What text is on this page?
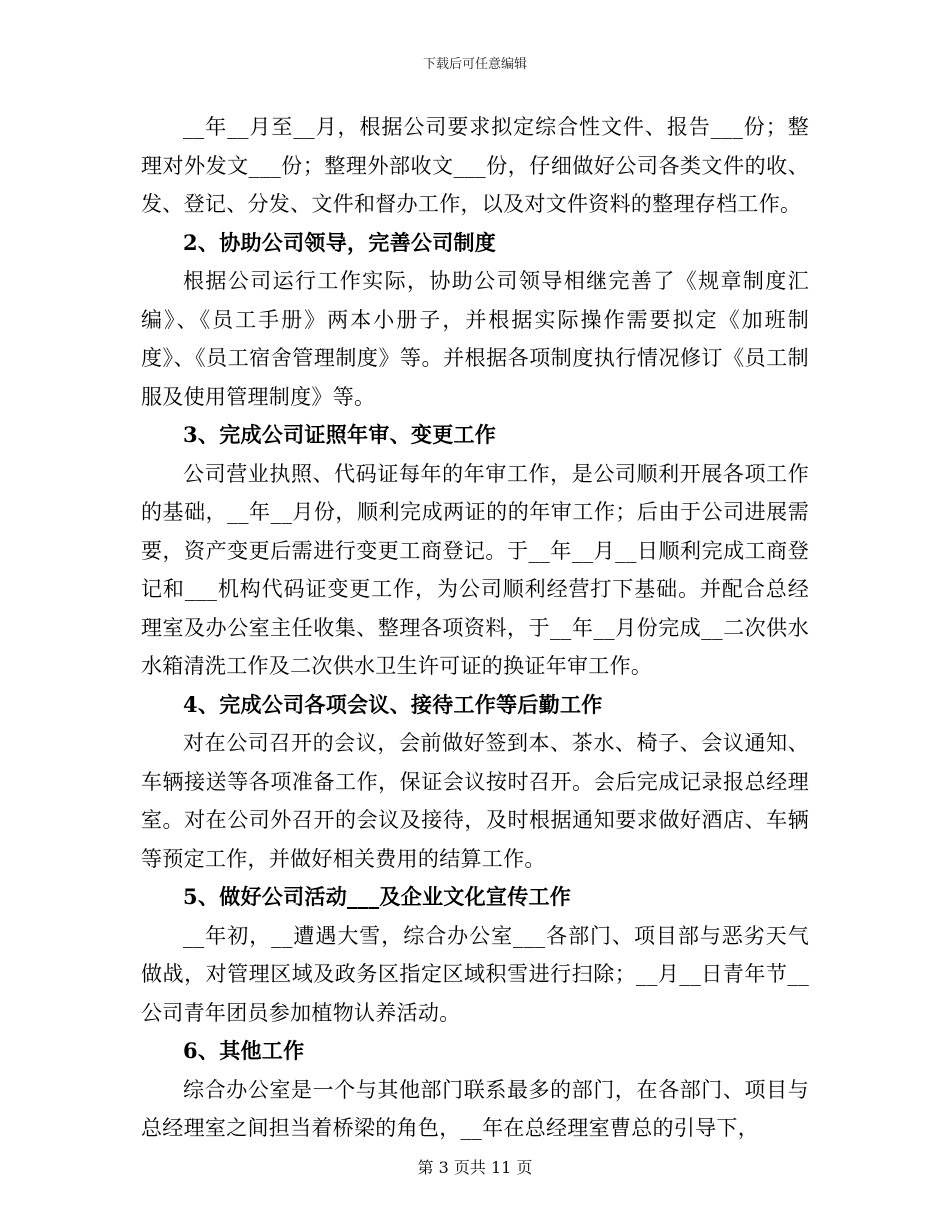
下载后可任意编辑

__年__月至__月，根据公司要求拟定综合性文件、报告___份；整理对外发文___份；整理外部收文___份，仔细做好公司各类文件的收、发、登记、分发、文件和督办工作，以及对文件资料的整理存档工作。

2、协助公司领导，完善公司制度

根据公司运行工作实际，协助公司领导相继完善了《规章制度汇编》、《员工手册》两本小册子，并根据实际操作需要拟定《加班制度》、《员工宿舍管理制度》等。并根据各项制度执行情况修订《员工制服及使用管理制度》等。

3、完成公司证照年审、变更工作

公司营业执照、代码证每年的年审工作，是公司顺利开展各项工作的基础，__年__月份，顺利完成两证的的年审工作；后由于公司进展需要，资产变更后需进行变更工商登记。于__年__月__日顺利完成工商登记和___机构代码证变更工作，为公司顺利经营打下基础。并配合总经理室及办公室主任收集、整理各项资料，于__年__月份完成__二次供水水箱清洗工作及二次供水卫生许可证的换证年审工作。

4、完成公司各项会议、接待工作等后勤工作

对在公司召开的会议，会前做好签到本、茶水、椅子、会议通知、车辆接送等各项准备工作，保证会议按时召开。会后完成记录报总经理室。对在公司外召开的会议及接待，及时根据通知要求做好酒店、车辆等预定工作，并做好相关费用的结算工作。

5、做好公司活动___及企业文化宣传工作

__年初，__遭遇大雪，综合办公室___各部门、项目部与恶劣天气做战，对管理区域及政务区指定区域积雪进行扫除；__月__日青年节__公司青年团员参加植物认养活动。

6、其他工作

综合办公室是一个与其他部门联系最多的部门，在各部门、项目与总经理室之间担当着桥梁的角色，__年在总经理室曹总的引导下，

第 3 页共 11 页
